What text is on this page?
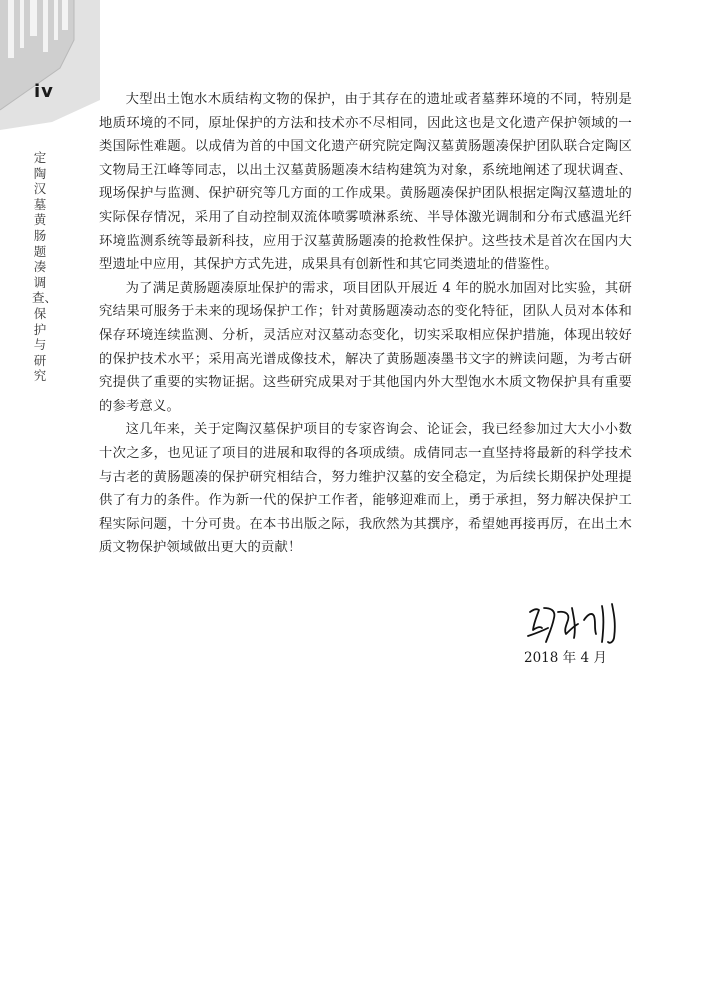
iv
定陶汉墓黄肠题凑调查、保护与研究

大型出土饱水木质结构文物的保护，由于其存在的遗址或者墓葬环境的不同，特别是地质环境的不同，原址保护的方法和技术亦不尽相同，因此这也是文化遗产保护领域的一类国际性难题。以成倩为首的中国文化遗产研究院定陶汉墓黄肠题凑保护团队联合定陶区文物局王江峰等同志，以出土汉墓黄肠题凑木结构建筑为对象，系统地阐述了现状调查、现场保护与监测、保护研究等几方面的工作成果。黄肠题凑保护团队根据定陶汉墓遗址的实际保存情况，采用了自动控制双流体喷雾喷淋系统、半导体激光调制和分布式感温光纤环境监测系统等最新科技，应用于汉墓黄肠题凑的抢救性保护。这些技术是首次在国内大型遗址中应用，其保护方式先进，成果具有创新性和其它同类遗址的借鉴性。

为了满足黄肠题凑原址保护的需求，项目团队开展近 4 年的脱水加固对比实验，其研究结果可服务于未来的现场保护工作；针对黄肠题凑动态的变化特征，团队人员对本体和保存环境连续监测、分析，灵活应对汉墓动态变化，切实采取相应保护措施，体现出较好的保护技术水平；采用高光谱成像技术，解决了黄肠题凑墨书文字的辨读问题，为考古研究提供了重要的实物证据。这些研究成果对于其他国内外大型饱水木质文物保护具有重要的参考意义。

这几年来，关于定陶汉墓保护项目的专家咨询会、论证会，我已经参加过大大小小数十次之多，也见证了项目的进展和取得的各项成绩。成倩同志一直坚持将最新的科学技术与古老的黄肠题凑的保护研究相结合，努力维护汉墓的安全稳定，为后续长期保护处理提供了有力的条件。作为新一代的保护工作者，能够迎难而上，勇于承担，努力解决保护工程实际问题，十分可贵。在本书出版之际，我欣然为其撰序，希望她再接再厉，在出土木质文物保护领域做出更大的贡献！

2018 年 4 月
